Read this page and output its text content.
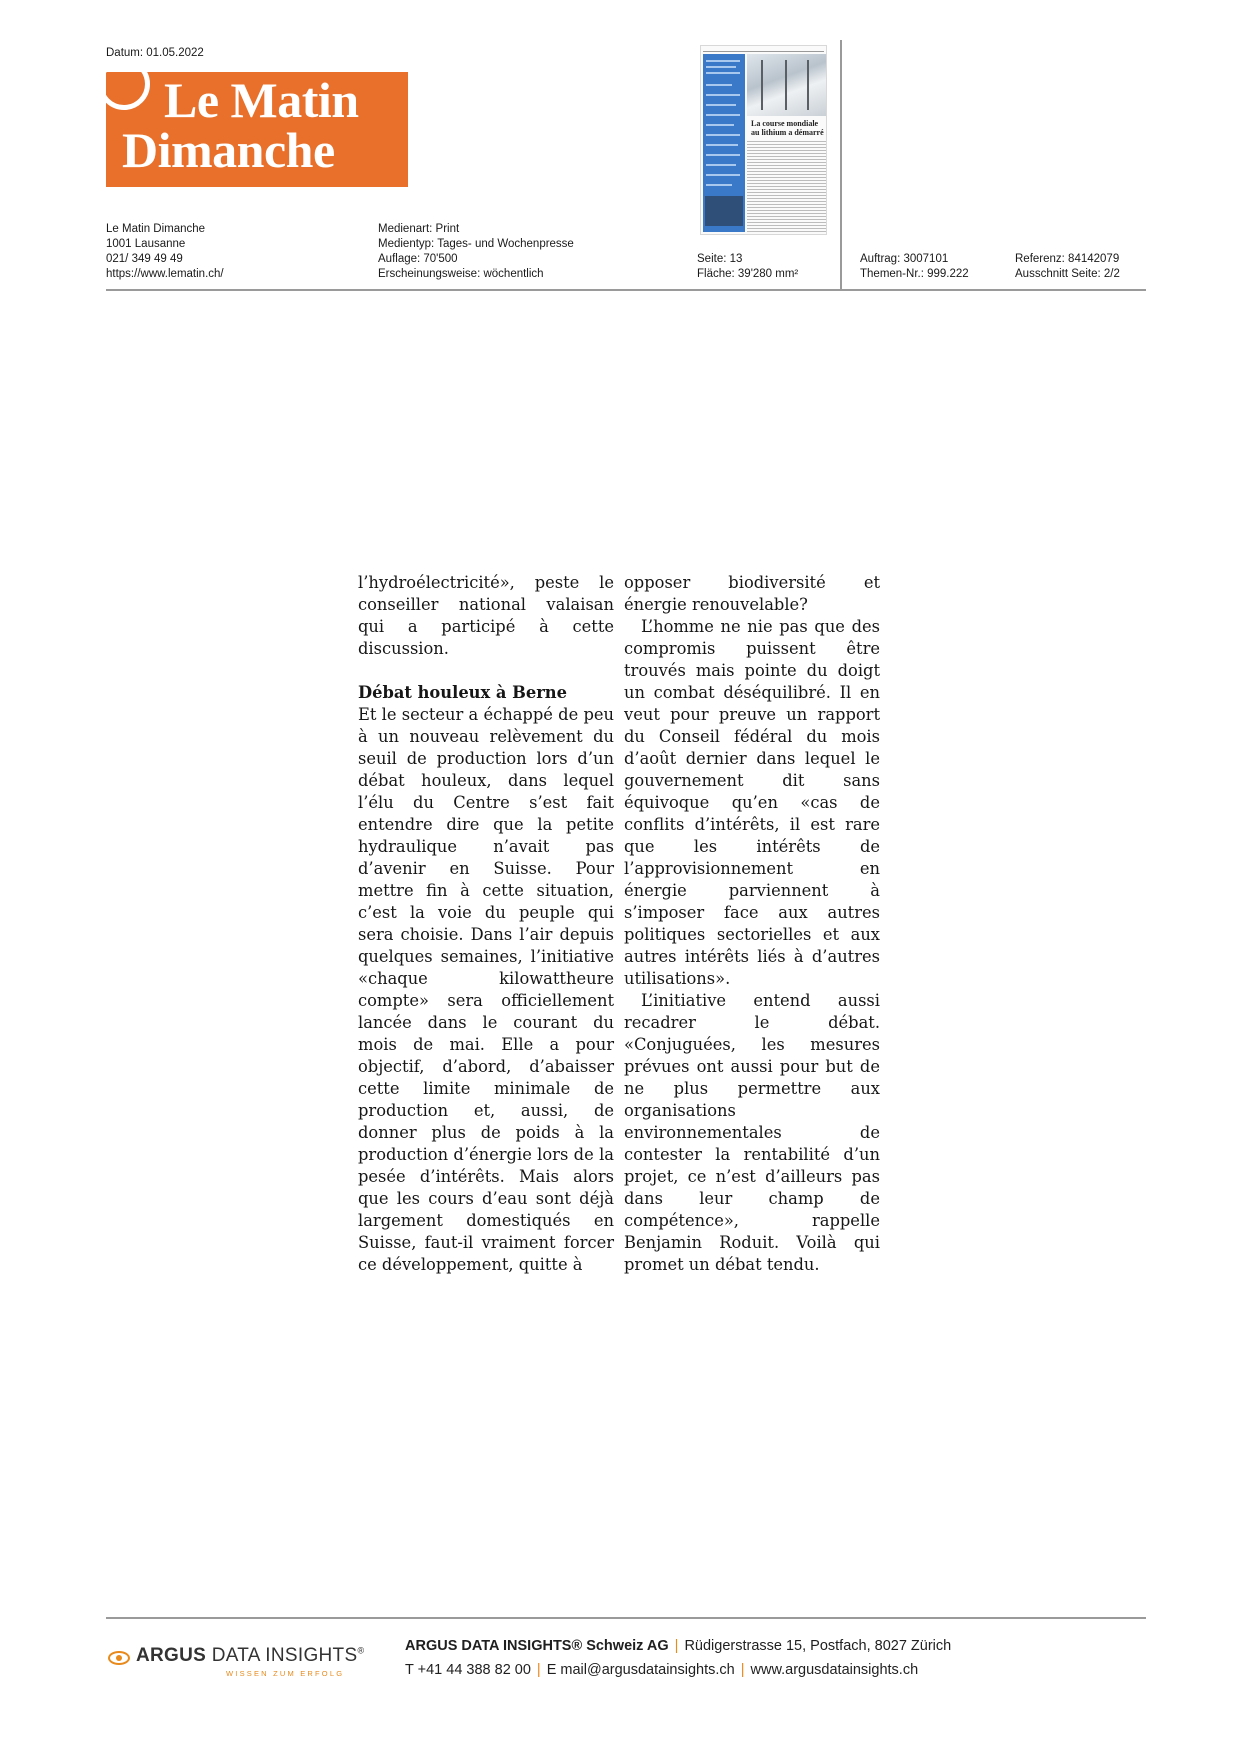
Datum: 01.05.2022
Le Matin
Dimanche
Le Matin Dimanche
1001 Lausanne
021/ 349 49 49
https://www.lematin.ch/
Medienart: Print
Medientyp: Tages- und Wochenpresse
Auflage: 70'500
Erscheinungsweise: wöchentlich
Seite: 13
Fläche: 39'280 mm²
Auftrag: 3007101
Themen-Nr.: 999.222
Referenz: 84142079
Ausschnitt Seite: 2/2
La course mondiale au lithium a démarré

l’hydroélectricité», peste le conseiller national valaisan qui a participé à cette discussion.

Débat houleux à Berne

Et le secteur a échappé de peu à un nouveau relèvement du seuil de production lors d’un débat houleux, dans lequel l’élu du Centre s’est fait entendre dire que la petite hydraulique n’avait pas d’avenir en Suisse. Pour mettre fin à cette situation, c’est la voie du peuple qui sera choisie. Dans l’air depuis quelques semaines, l’initiative «chaque kilowattheure compte» sera officiellement lancée dans le courant du mois de mai. Elle a pour objectif, d’abord, d’abaisser cette limite minimale de production et, aussi, de donner plus de poids à la production d’énergie lors de la pesée d’intérêts. Mais alors que les cours d’eau sont déjà largement domestiqués en Suisse, faut-il vraiment forcer ce développement, quitte à

opposer biodiversité et énergie renouvelable?

L’homme ne nie pas que des compromis puissent être trouvés mais pointe du doigt un combat déséquilibré. Il en veut pour preuve un rapport du Conseil fédéral du mois d’août dernier dans lequel le gouvernement dit sans équivoque qu’en «cas de conflits d’intérêts, il est rare que les intérêts de l’approvisionnement en énergie parviennent à s’imposer face aux autres politiques sectorielles et aux autres intérêts liés à d’autres utilisations».

L’initiative entend aussi recadrer le débat. «Conjuguées, les mesures prévues ont aussi pour but de ne plus permettre aux organisations environnementales de contester la rentabilité d’un projet, ce n’est d’ailleurs pas dans leur champ de compétence», rappelle Benjamin Roduit. Voilà qui promet un débat tendu.

ARGUS DATA INSIGHTS®
WISSEN ZUM ERFOLG
ARGUS DATA INSIGHTS® Schweiz AG | Rüdigerstrasse 15, Postfach, 8027 Zürich
T +41 44 388 82 00 | E mail@argusdatainsights.ch | www.argusdatainsights.ch
